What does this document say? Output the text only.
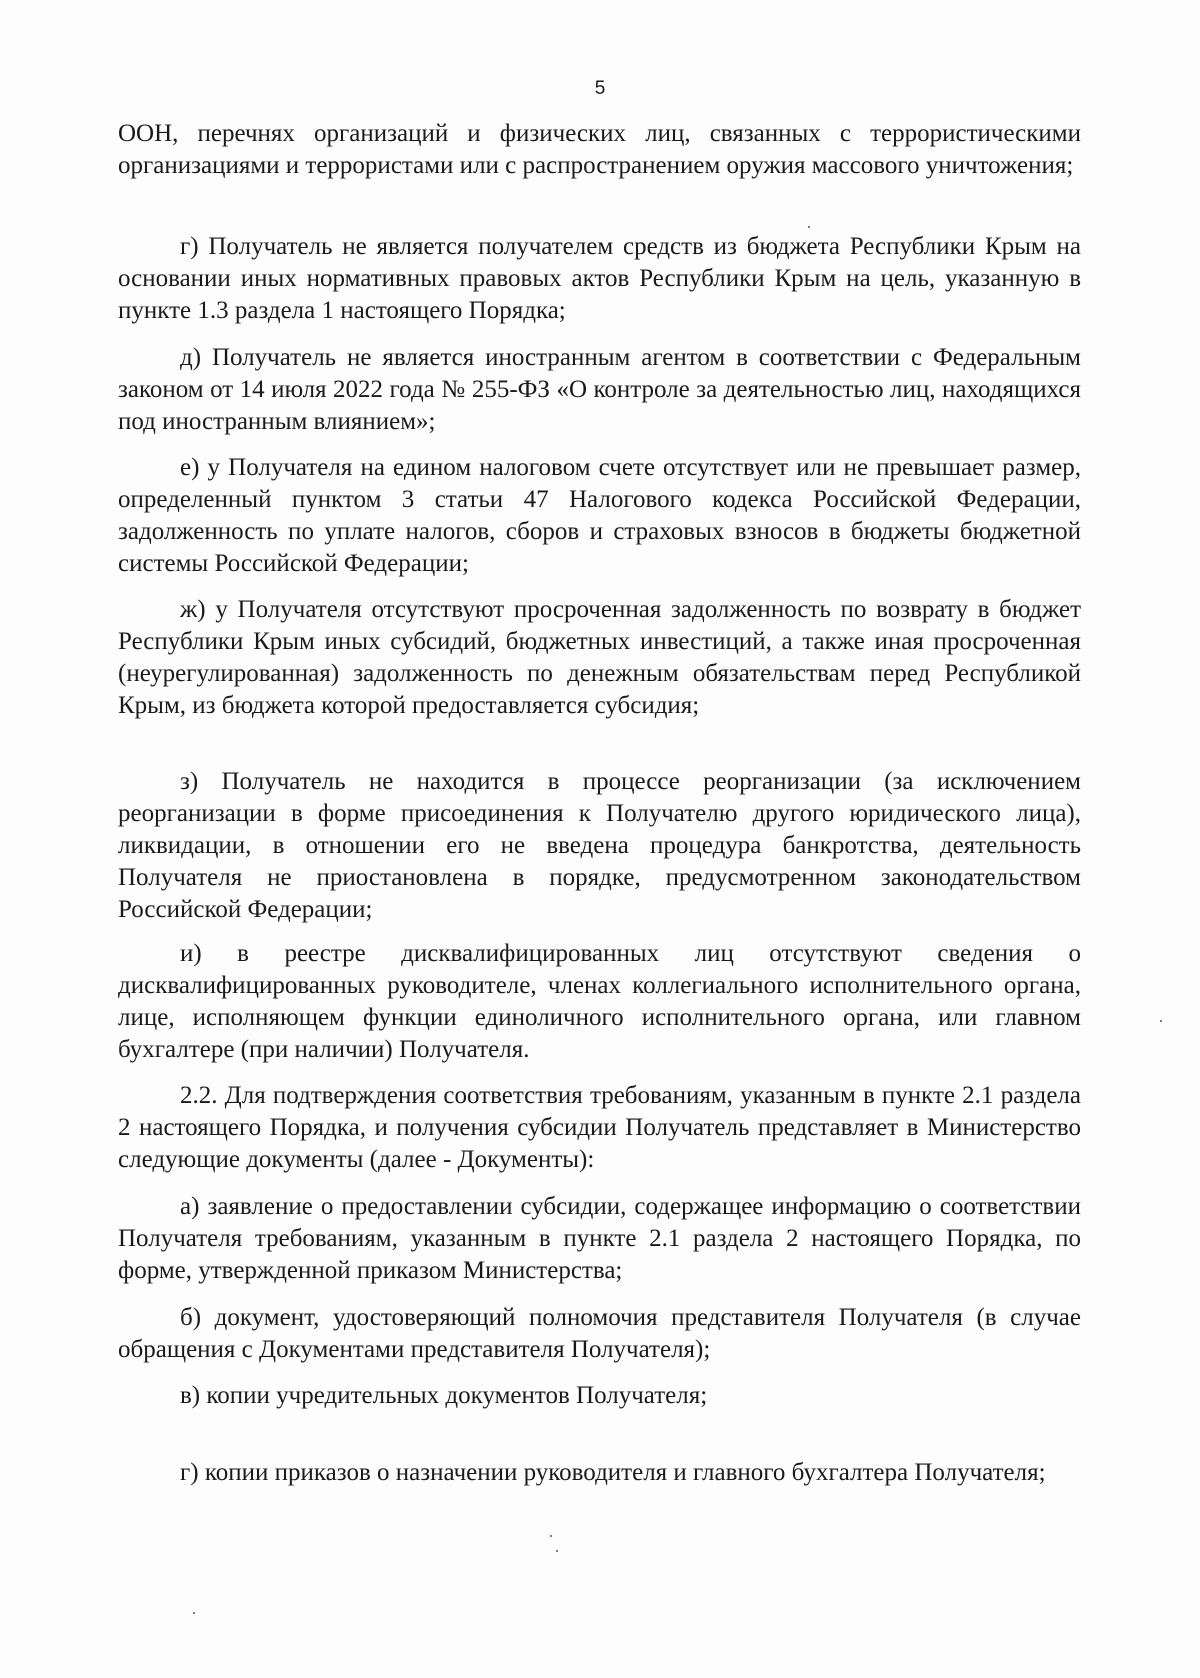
5

ООН, перечнях организаций и физических лиц, связанных с террористическими организациями и террористами или с распространением оружия массового уничтожения;

г) Получатель не является получателем средств из бюджета Республики Крым на основании иных нормативных правовых актов Республики Крым на цель, указанную в пункте 1.3 раздела 1 настоящего Порядка;

д) Получатель не является иностранным агентом в соответствии с Федеральным законом от 14 июля 2022 года № 255-ФЗ «О контроле за деятельностью лиц, находящихся под иностранным влиянием»;

е) у Получателя на едином налоговом счете отсутствует или не превышает размер, определенный пунктом 3 статьи 47 Налогового кодекса Российской Федерации, задолженность по уплате налогов, сборов и страховых взносов в бюджеты бюджетной системы Российской Федерации;

ж) у Получателя отсутствуют просроченная задолженность по возврату в бюджет Республики Крым иных субсидий, бюджетных инвестиций, а также иная просроченная (неурегулированная) задолженность по денежным обязательствам перед Республикой Крым, из бюджета которой предоставляется субсидия;

з) Получатель не находится в процессе реорганизации (за исключением реорганизации в форме присоединения к Получателю другого юридического лица), ликвидации, в отношении его не введена процедура банкротства, деятельность Получателя не приостановлена в порядке, предусмотренном законодательством Российской Федерации;

и) в реестре дисквалифицированных лиц отсутствуют сведения о дисквалифицированных руководителе, членах коллегиального исполнительного органа, лице, исполняющем функции единоличного исполнительного органа, или главном бухгалтере (при наличии) Получателя.

2.2. Для подтверждения соответствия требованиям, указанным в пункте 2.1 раздела 2 настоящего Порядка, и получения субсидии Получатель представляет в Министерство следующие документы (далее - Документы):

а) заявление о предоставлении субсидии, содержащее информацию о соответствии Получателя требованиям, указанным в пункте 2.1 раздела 2 настоящего Порядка, по форме, утвержденной приказом Министерства;

б) документ, удостоверяющий полномочия представителя Получателя (в случае обращения с Документами представителя Получателя);

в) копии учредительных документов Получателя;

г) копии приказов о назначении руководителя и главного бухгалтера Получателя;
